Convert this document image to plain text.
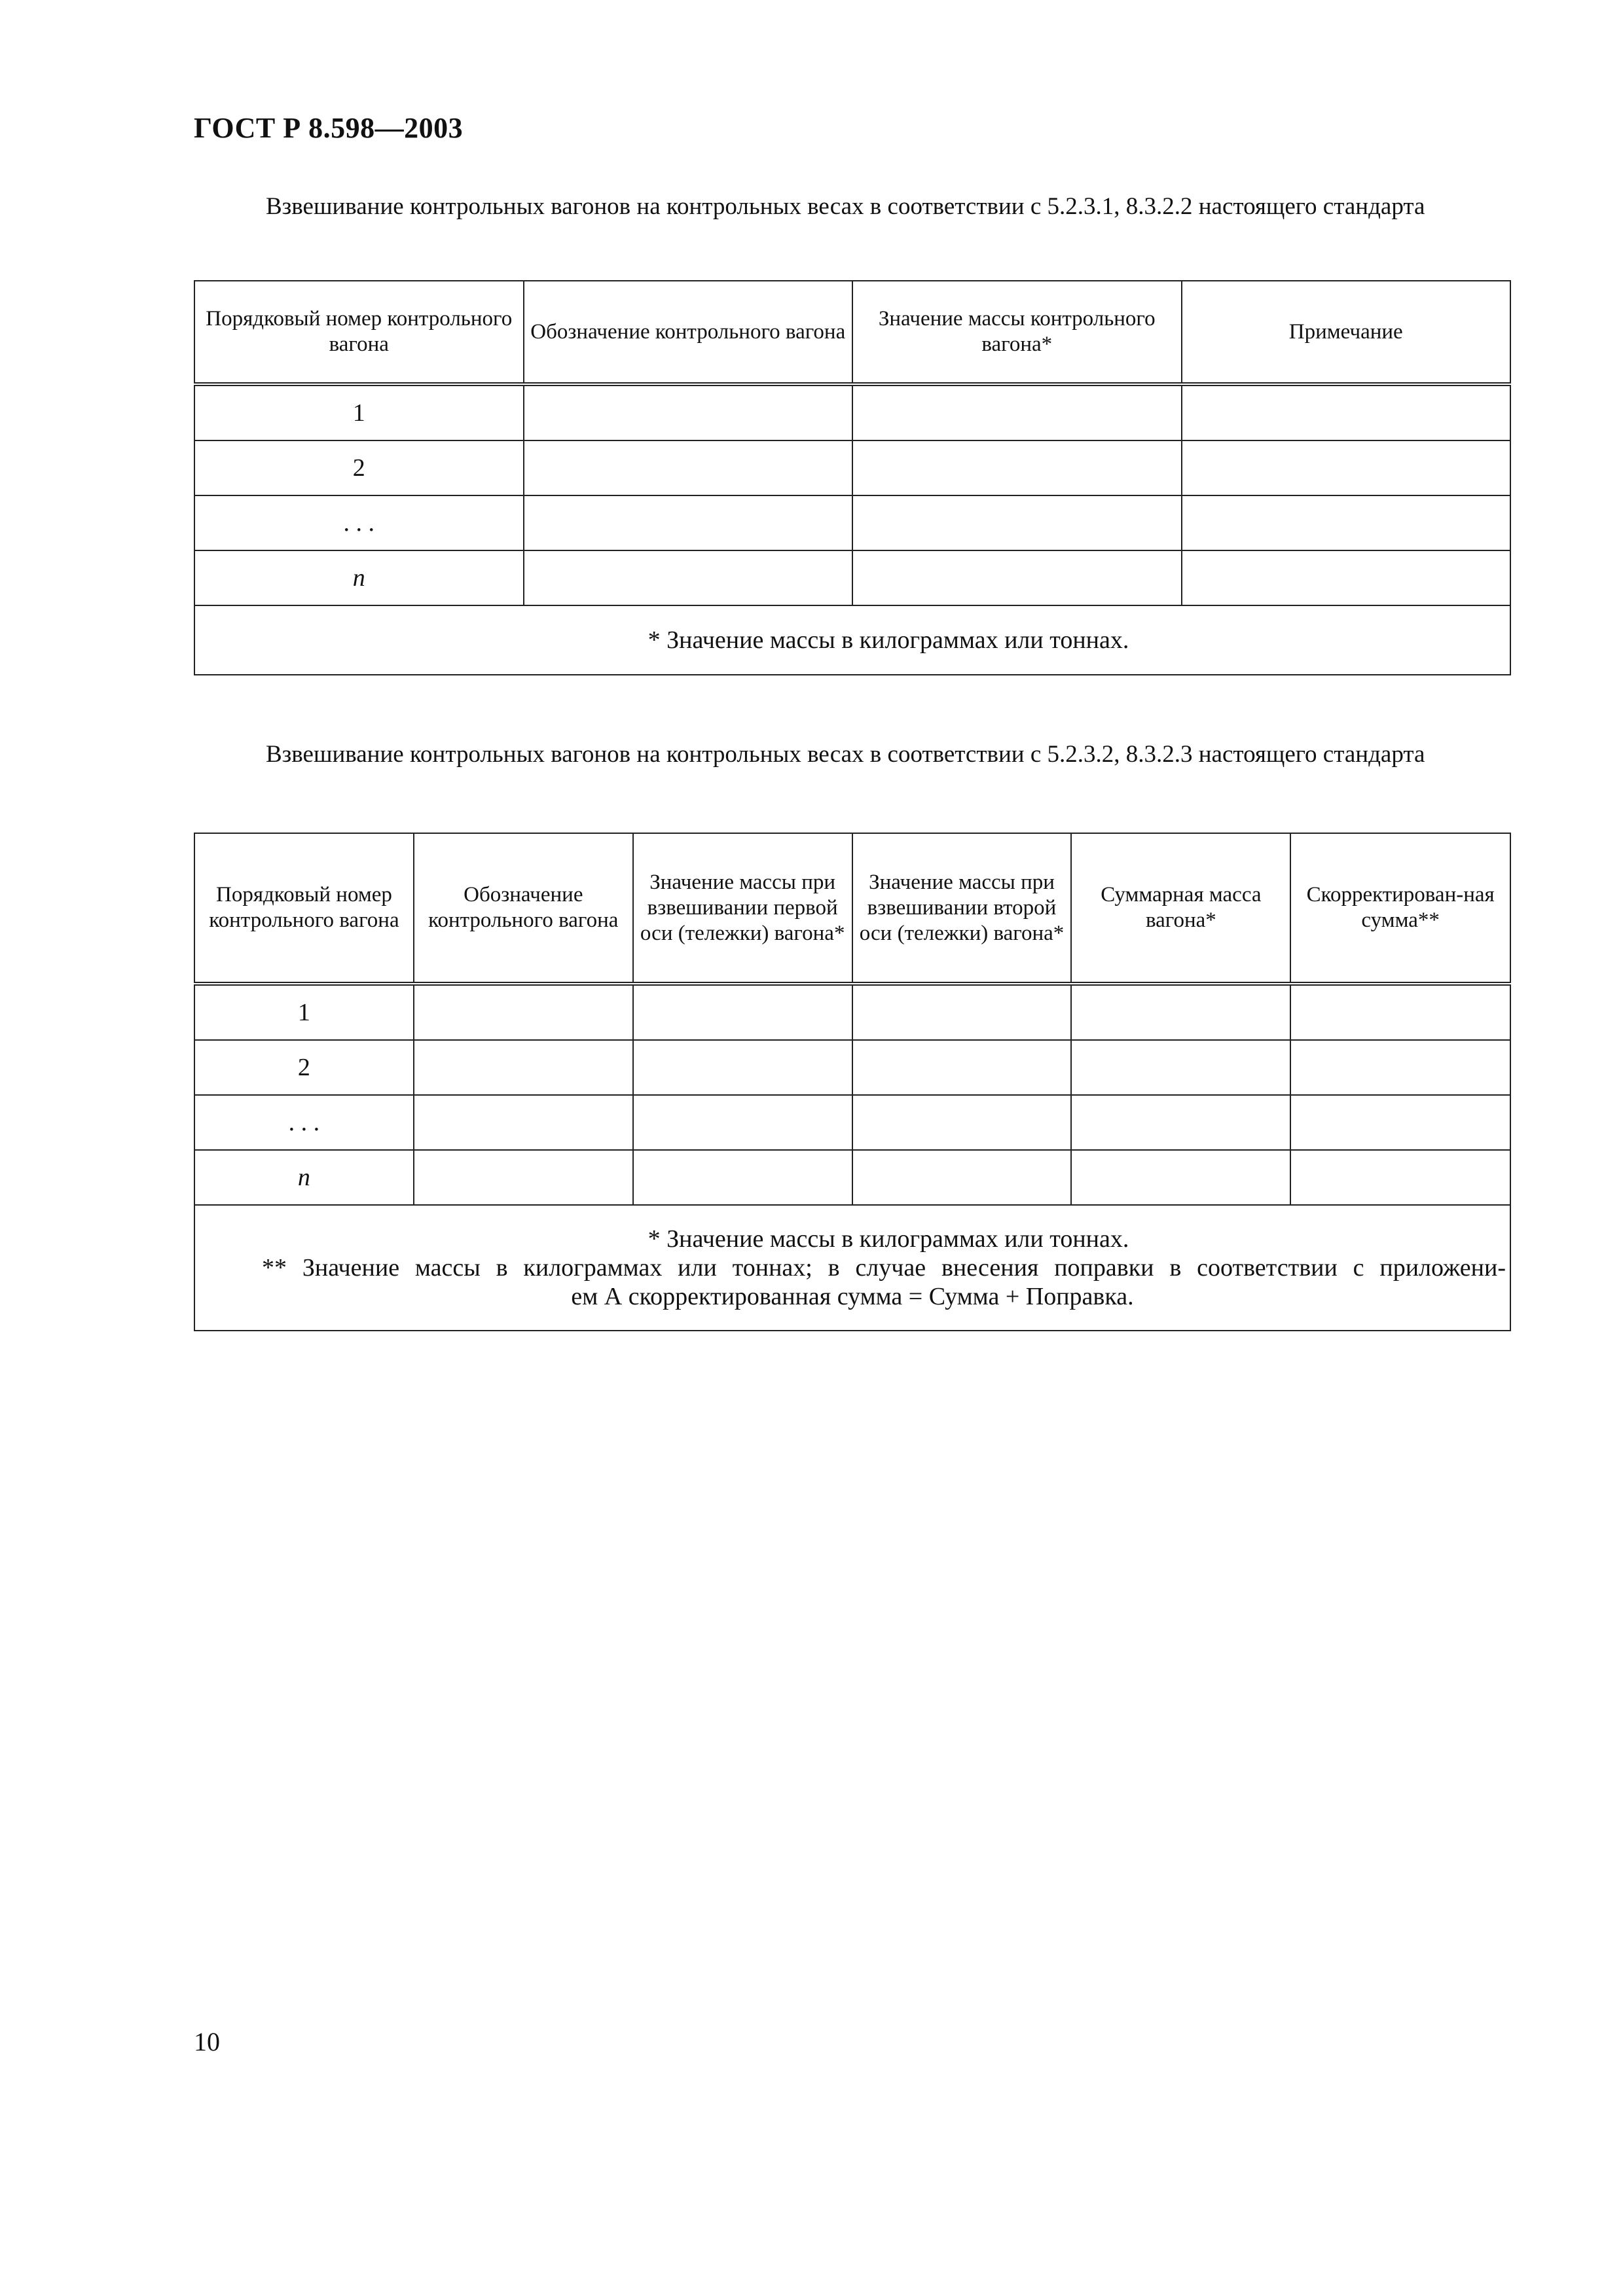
ГОСТ Р 8.598—2003

Взвешивание контрольных вагонов на контрольных весах в соответствии с 5.2.3.1, 8.3.2.2 настоящего стандарта

Порядковый номер контрольного вагона	Обозначение контрольного вагона	Значение массы контрольного вагона*	Примечание
1			
2			
. . .			
n			
* Значение массы в килограммах или тоннах.			

Взвешивание контрольных вагонов на контрольных весах в соответствии с 5.2.3.2, 8.3.2.3 настоящего стандарта

Порядковый номер контрольного вагона	Обозначение контрольного вагона	Значение массы при взвешивании первой оси (тележки) вагона*	Значение массы при взвешивании второй оси (тележки) вагона*	Суммарная масса вагона*	Скорректирован-ная сумма**
1					
2					
. . .					
n					

* Значение массы в килограммах или тоннах.
** Значение массы в килограммах или тоннах; в случае внесения поправки в соответствии с приложени-
ем А скорректированная сумма = Сумма + Поправка.					
10
